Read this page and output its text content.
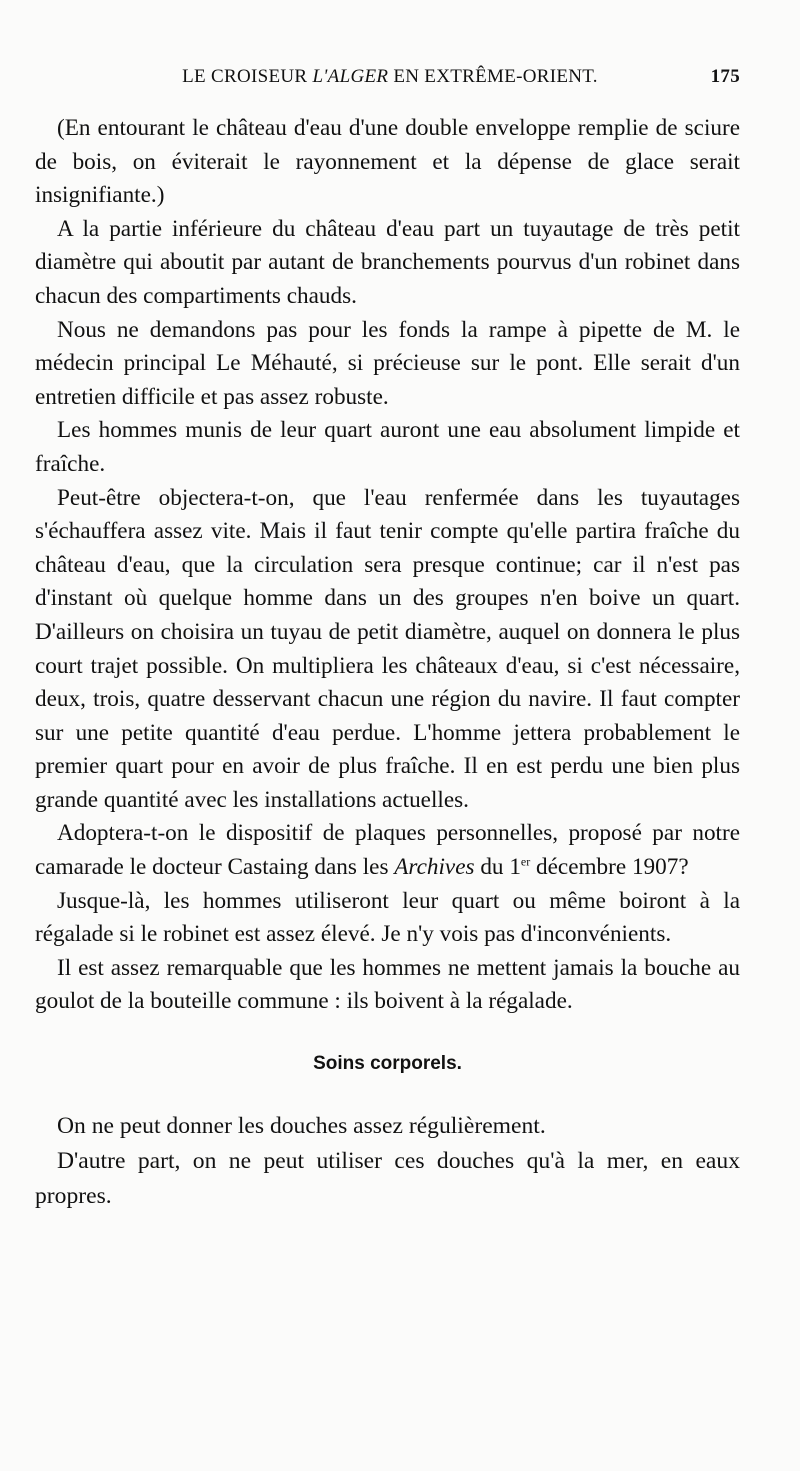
LE CROISEUR L'ALGER EN EXTRÊME-ORIENT.	175

(En entourant le château d'eau d'une double enveloppe remplie de sciure de bois, on éviterait le rayonnement et la dépense de glace serait insignifiante.)

A la partie inférieure du château d'eau part un tuyautage de très petit diamètre qui aboutit par autant de branchements pourvus d'un robinet dans chacun des compartiments chauds.

Nous ne demandons pas pour les fonds la rampe à pipette de M. le médecin principal Le Méhauté, si précieuse sur le pont. Elle serait d'un entretien difficile et pas assez robuste.

Les hommes munis de leur quart auront une eau absolument limpide et fraîche.

Peut-être objectera-t-on, que l'eau renfermée dans les tuyautages s'échauffera assez vite. Mais il faut tenir compte qu'elle partira fraîche du château d'eau, que la circulation sera presque continue; car il n'est pas d'instant où quelque homme dans un des groupes n'en boive un quart. D'ailleurs on choisira un tuyau de petit diamètre, auquel on donnera le plus court trajet possible. On multipliera les châteaux d'eau, si c'est nécessaire, deux, trois, quatre desservant chacun une région du navire. Il faut compter sur une petite quantité d'eau perdue. L'homme jettera probablement le premier quart pour en avoir de plus fraîche. Il en est perdu une bien plus grande quantité avec les installations actuelles.

Adoptera-t-on le dispositif de plaques personnelles, proposé par notre camarade le docteur Castaing dans les Archives du 1er décembre 1907?

Jusque-là, les hommes utiliseront leur quart ou même boiront à la régalade si le robinet est assez élevé. Je n'y vois pas d'inconvénients.

Il est assez remarquable que les hommes ne mettent jamais la bouche au goulot de la bouteille commune : ils boivent à la régalade.

Soins corporels.

On ne peut donner les douches assez régulièrement.

D'autre part, on ne peut utiliser ces douches qu'à la mer, en eaux propres.
